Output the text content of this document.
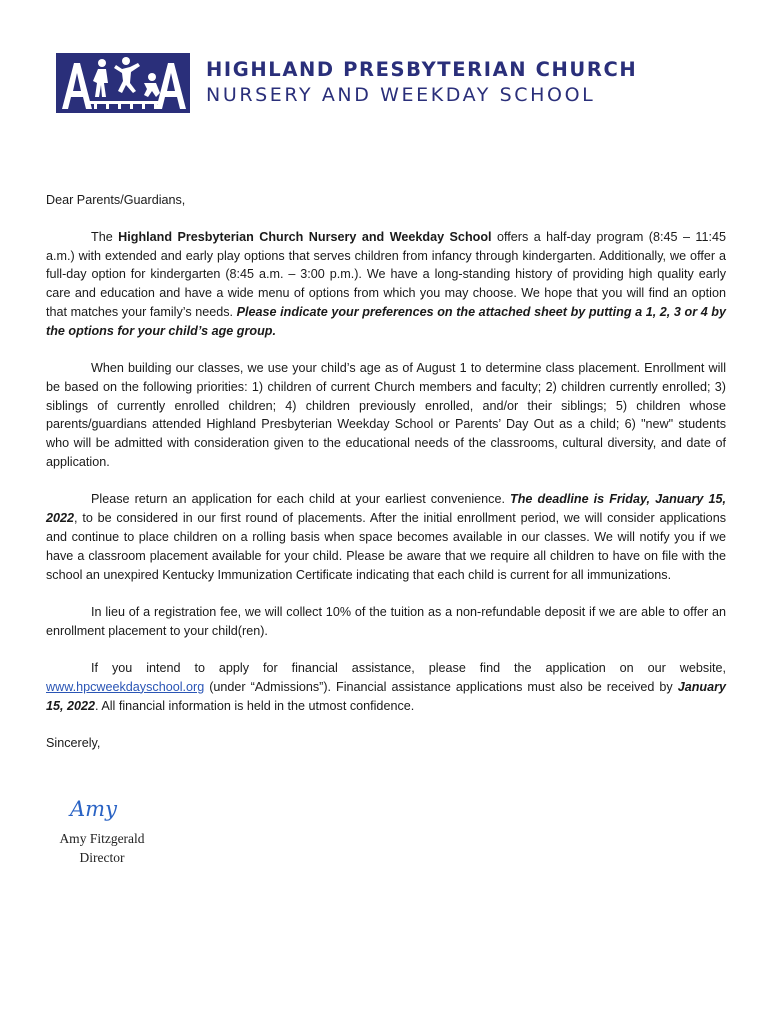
HIGHLAND PRESBYTERIAN CHURCH
NURSERY AND WEEKDAY SCHOOL

Dear Parents/Guardians,

The Highland Presbyterian Church Nursery and Weekday School offers a half-day program (8:45 – 11:45 a.m.) with extended and early play options that serves children from infancy through kindergarten. Additionally, we offer a full-day option for kindergarten (8:45 a.m. – 3:00 p.m.). We have a long-standing history of providing high quality early care and education and have a wide menu of options from which you may choose. We hope that you will find an option that matches your family’s needs. Please indicate your preferences on the attached sheet by putting a 1, 2, 3 or 4 by the options for your child’s age group.

When building our classes, we use your child’s age as of August 1 to determine class placement. Enrollment will be based on the following priorities: 1) children of current Church members and faculty; 2) children currently enrolled; 3) siblings of currently enrolled children; 4) children previously enrolled, and/or their siblings; 5) children whose parents/guardians attended Highland Presbyterian Weekday School or Parents’ Day Out as a child; 6) "new" students who will be admitted with consideration given to the educational needs of the classrooms, cultural diversity, and date of application.

Please return an application for each child at your earliest convenience. The deadline is Friday, January 15, 2022, to be considered in our first round of placements. After the initial enrollment period, we will consider applications and continue to place children on a rolling basis when space becomes available in our classes. We will notify you if we have a classroom placement available for your child. Please be aware that we require all children to have on file with the school an unexpired Kentucky Immunization Certificate indicating that each child is current for all immunizations.

In lieu of a registration fee, we will collect 10% of the tuition as a non-refundable deposit if we are able to offer an enrollment placement to your child(ren).

If you intend to apply for financial assistance, please find the application on our website, www.hpcweekdayschool.org (under “Admissions”). Financial assistance applications must also be received by January 15, 2022. All financial information is held in the utmost confidence.

Sincerely,

Amy
Amy Fitzgerald
Director
